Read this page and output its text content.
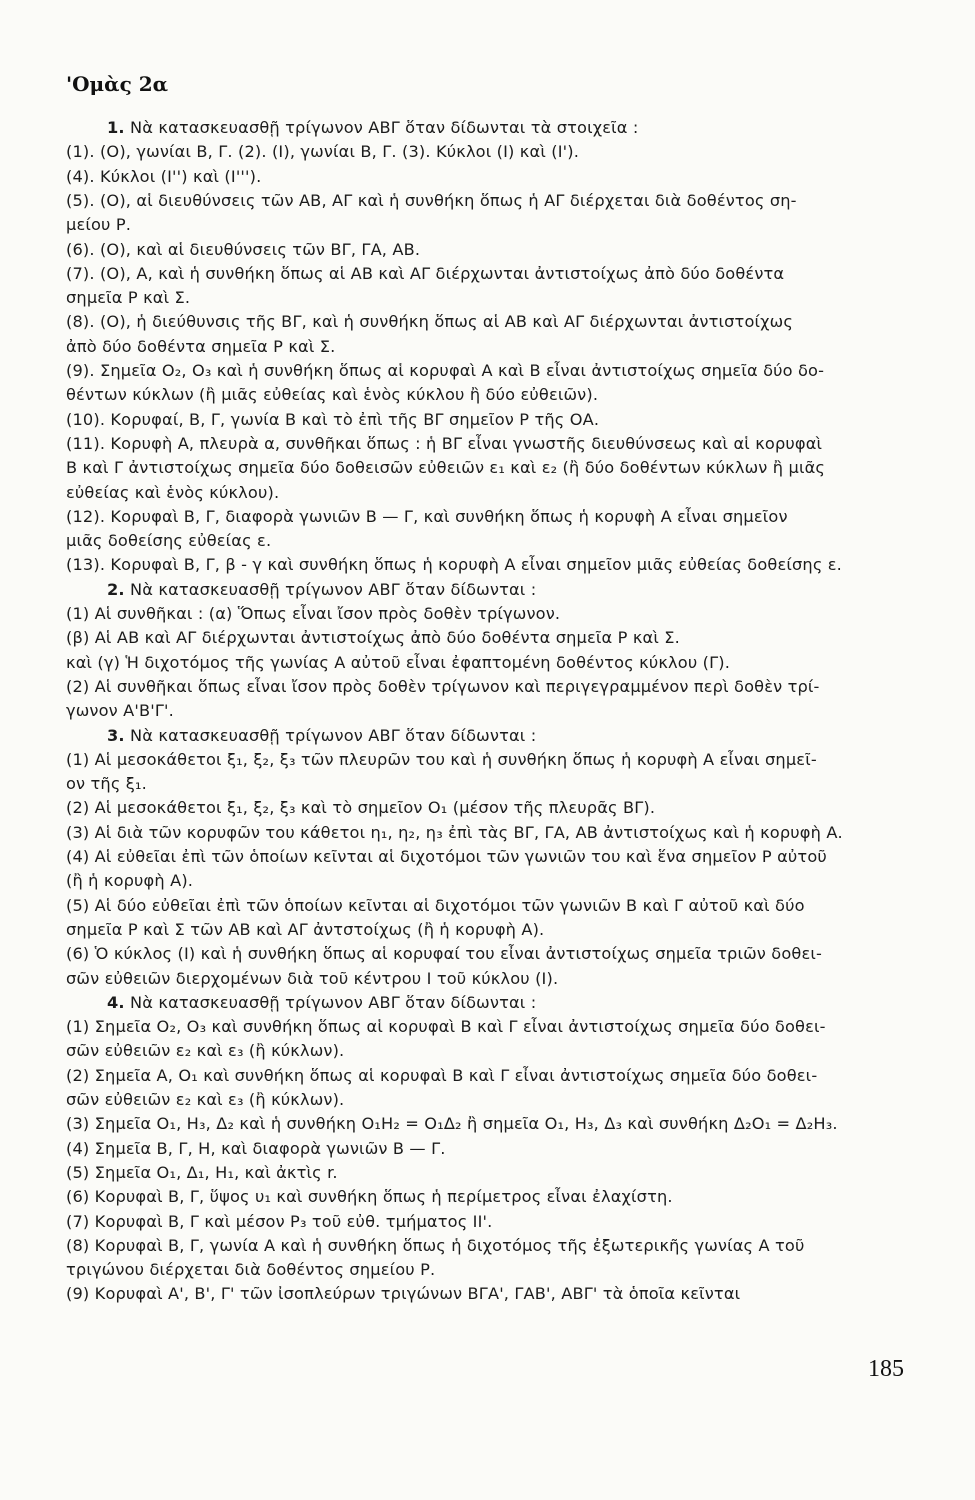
'Ομὰς 2α
1. Νὰ κατασκευασθῇ τρίγωνον ΑΒΓ ὅταν δίδωνται τὰ στοιχεῖα :
(1). (Ο), γωνίαι Β, Γ. (2). (Ι), γωνίαι Β, Γ. (3). Κύκλοι (Ι) καὶ (Ι').
(4). Κύκλοι (Ι'') καὶ (Ι''').
(5). (Ο), αἱ διευθύνσεις τῶν ΑΒ, ΑΓ καὶ ἡ συνθήκη ὅπως ἡ ΑΓ διέρχεται διὰ δοθέντος ση-
μείου Ρ.
(6). (Ο), καὶ αἱ διευθύνσεις τῶν ΒΓ, ΓΑ, ΑΒ.
(7). (Ο), Α, καὶ ἡ συνθήκη ὅπως αἱ ΑΒ καὶ ΑΓ διέρχωνται ἀντιστοίχως ἀπὸ δύο δοθέντα
σημεῖα Ρ καὶ Σ.
(8). (Ο), ἡ διεύθυνσις τῆς ΒΓ, καὶ ἡ συνθήκη ὅπως αἱ ΑΒ καὶ ΑΓ διέρχωνται ἀντιστοίχως
ἀπὸ δύο δοθέντα σημεῖα Ρ καὶ Σ.
(9). Σημεῖα Ο₂, Ο₃ καὶ ἡ συνθήκη ὅπως αἱ κορυφαὶ Α καὶ Β εἶναι ἀντιστοίχως σημεῖα δύο δο-
θέντων κύκλων (ἢ μιᾶς εὐθείας καὶ ἑνὸς κύκλου ἢ δύο εὐθειῶν).
(10). Κορυφαί, Β, Γ, γωνία Β καὶ τὸ ἐπὶ τῆς ΒΓ σημεῖον Ρ τῆς ΟΑ.
(11). Κορυφὴ Α, πλευρὰ α, συνθῆκαι ὅπως : ἡ ΒΓ εἶναι γνωστῆς διευθύνσεως καὶ αἱ κορυφαὶ
Β καὶ Γ ἀντιστοίχως σημεῖα δύο δοθεισῶν εὐθειῶν ε₁ καὶ ε₂ (ἢ δύο δοθέντων κύκλων ἢ μιᾶς
εὐθείας καὶ ἑνὸς κύκλου).
(12). Κορυφαὶ Β, Γ, διαφορὰ γωνιῶν Β — Γ, καὶ συνθήκη ὅπως ἡ κορυφὴ Α εἶναι σημεῖον
μιᾶς δοθείσης εὐθείας ε.
(13). Κορυφαὶ Β, Γ, β - γ καὶ συνθήκη ὅπως ἡ κορυφὴ Α εἶναι σημεῖον μιᾶς εὐθείας δοθείσης ε.
2. Νὰ κατασκευασθῇ τρίγωνον ΑΒΓ ὅταν δίδωνται :
(1) Αἱ συνθῆκαι : (α) Ὅπως εἶναι ἴσον πρὸς δοθὲν τρίγωνον.
(β) Αἱ ΑΒ καὶ ΑΓ διέρχωνται ἀντιστοίχως ἀπὸ δύο δοθέντα σημεῖα Ρ καὶ Σ.
καὶ (γ) Ἡ διχοτόμος τῆς γωνίας Α αὐτοῦ εἶναι ἐφαπτομένη δοθέντος κύκλου (Γ).
(2) Αἱ συνθῆκαι ὅπως εἶναι ἴσον πρὸς δοθὲν τρίγωνον καὶ περιγεγραμμένον περὶ δοθὲν τρί-
γωνον Α'Β'Γ'.
3. Νὰ κατασκευασθῇ τρίγωνον ΑΒΓ ὅταν δίδωνται :
(1) Αἱ μεσοκάθετοι ξ₁, ξ₂, ξ₃ τῶν πλευρῶν του καὶ ἡ συνθήκη ὅπως ἡ κορυφὴ Α εἶναι σημεῖ-
ον τῆς ξ₁.
(2) Αἱ μεσοκάθετοι ξ₁, ξ₂, ξ₃ καὶ τὸ σημεῖον Ο₁ (μέσον τῆς πλευρᾶς ΒΓ).
(3) Αἱ διὰ τῶν κορυφῶν του κάθετοι η₁, η₂, η₃ ἐπὶ τὰς ΒΓ, ΓΑ, ΑΒ ἀντιστοίχως καὶ ἡ κορυφὴ Α.
(4) Αἱ εὐθεῖαι ἐπὶ τῶν ὁποίων κεῖνται αἱ διχοτόμοι τῶν γωνιῶν του καὶ ἕνα σημεῖον Ρ αὐτοῦ
(ἢ ἡ κορυφὴ Α).
(5) Αἱ δύο εὐθεῖαι ἐπὶ τῶν ὁποίων κεῖνται αἱ διχοτόμοι τῶν γωνιῶν Β καὶ Γ αὐτοῦ καὶ δύο
σημεῖα Ρ καὶ Σ τῶν ΑΒ καὶ ΑΓ ἀντστοίχως (ἢ ἡ κορυφὴ Α).
(6) Ὁ κύκλος (Ι) καὶ ἡ συνθήκη ὅπως αἱ κορυφαί του εἶναι ἀντιστοίχως σημεῖα τριῶν δοθει-
σῶν εὐθειῶν διερχομένων διὰ τοῦ κέντρου Ι τοῦ κύκλου (Ι).
4. Νὰ κατασκευασθῇ τρίγωνον ΑΒΓ ὅταν δίδωνται :
(1) Σημεῖα Ο₂, Ο₃ καὶ συνθήκη ὅπως αἱ κορυφαὶ Β καὶ Γ εἶναι ἀντιστοίχως σημεῖα δύο δοθει-
σῶν εὐθειῶν ε₂ καὶ ε₃ (ἢ κύκλων).
(2) Σημεῖα Α, Ο₁ καὶ συνθήκη ὅπως αἱ κορυφαὶ Β καὶ Γ εἶναι ἀντιστοίχως σημεῖα δύο δοθει-
σῶν εὐθειῶν ε₂ καὶ ε₃ (ἢ κύκλων).
(3) Σημεῖα Ο₁, Η₃, Δ₂ καὶ ἡ συνθήκη Ο₁Η₂ = Ο₁Δ₂ ἢ σημεῖα Ο₁, Η₃, Δ₃ καὶ συνθήκη Δ₂Ο₁ = Δ₂Η₃.
(4) Σημεῖα Β, Γ, Η, καὶ διαφορὰ γωνιῶν Β — Γ.
(5) Σημεῖα Ο₁, Δ₁, Η₁, καὶ ἀκτὶς r.
(6) Κορυφαὶ Β, Γ, ὕψος υ₁ καὶ συνθήκη ὅπως ἡ περίμετρος εἶναι ἐλαχίστη.
(7) Κορυφαὶ Β, Γ καὶ μέσον Ρ₃ τοῦ εὐθ. τμήματος ΙΙ'.
(8) Κορυφαὶ Β, Γ, γωνία Α καὶ ἡ συνθήκη ὅπως ἡ διχοτόμος τῆς ἐξωτερικῆς γωνίας Α τοῦ
τριγώνου διέρχεται διὰ δοθέντος σημείου Ρ.
(9) Κορυφαὶ Α', Β', Γ' τῶν ἰσοπλεύρων τριγώνων ΒΓΑ', ΓΑΒ', ΑΒΓ' τὰ ὁποῖα κεῖνται
185
